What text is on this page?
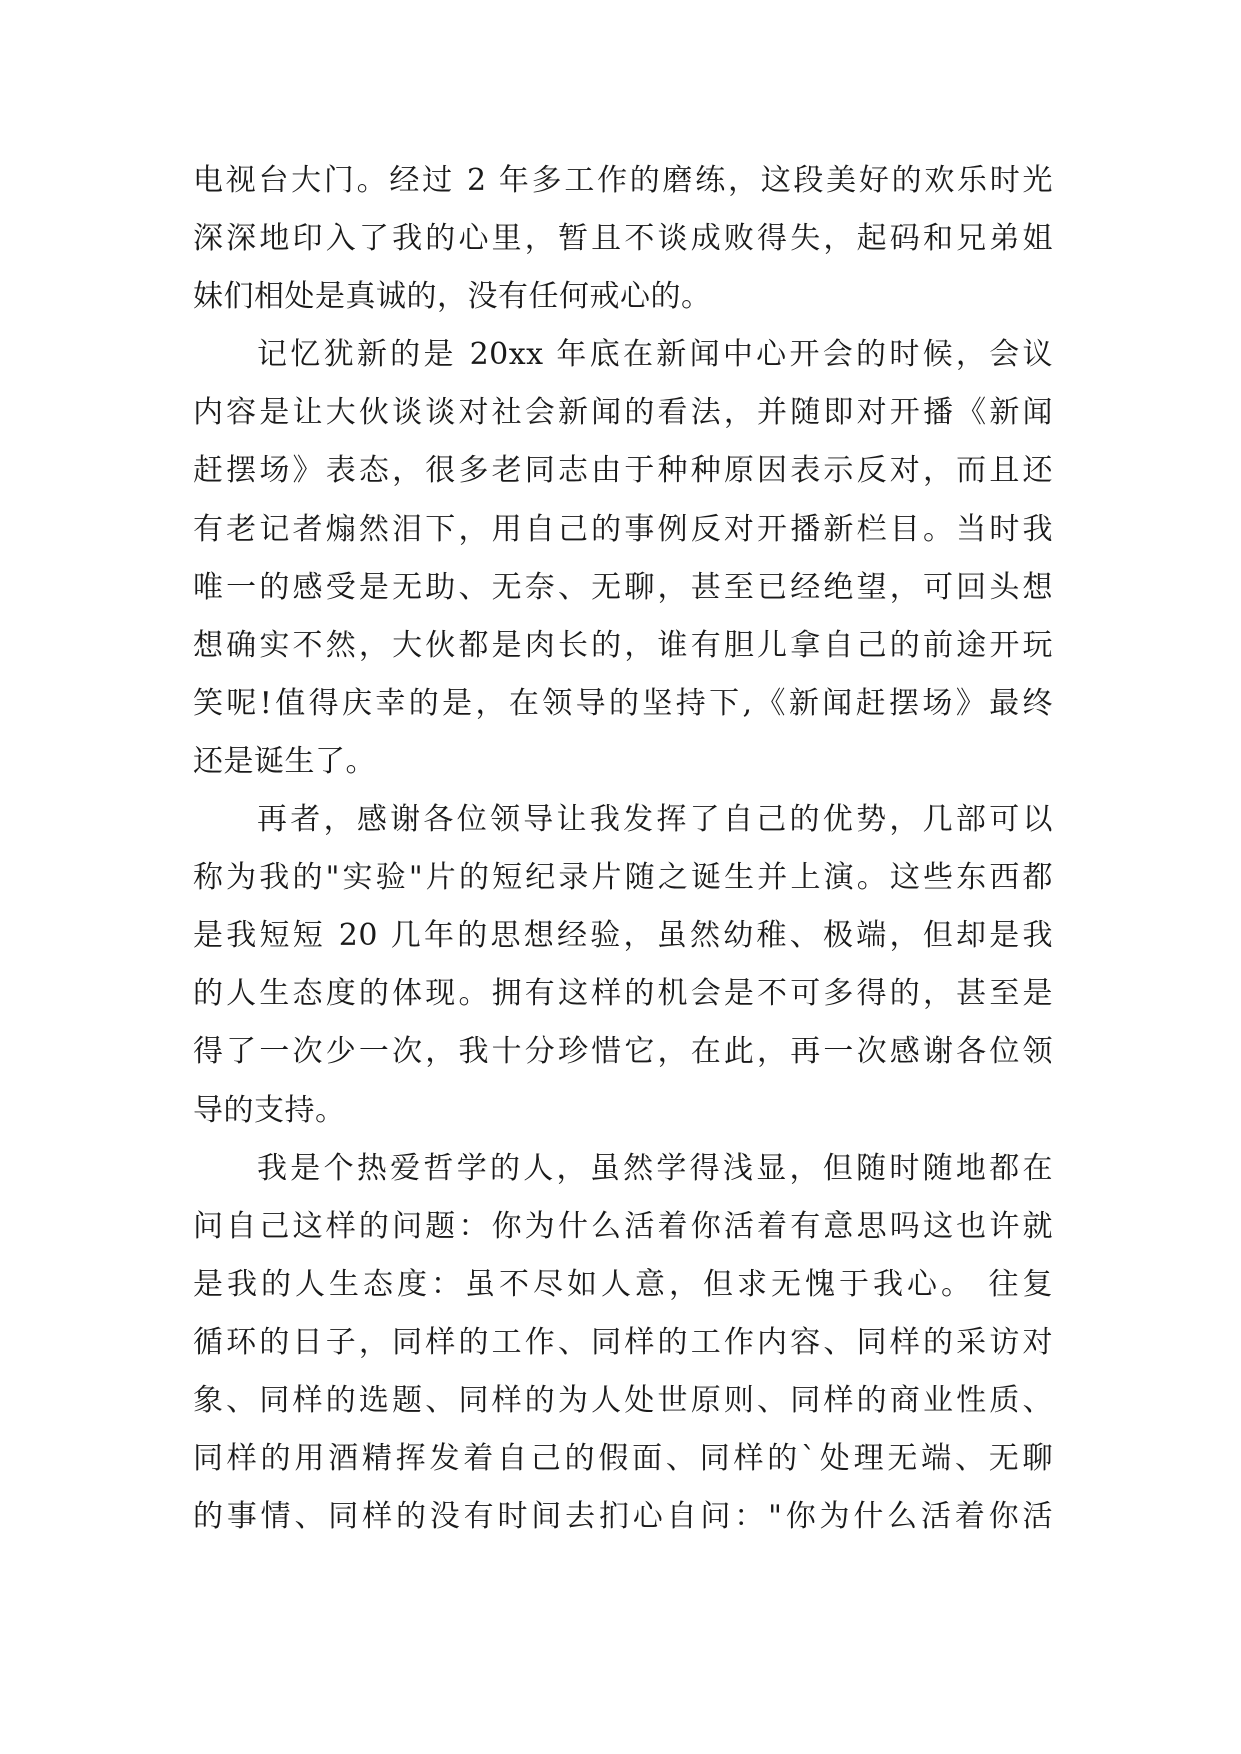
电视台大门。经过 2 年多工作的磨练，这段美好的欢乐时光
深深地印入了我的心里，暂且不谈成败得失，起码和兄弟姐
妹们相处是真诚的，没有任何戒心的。
记忆犹新的是 20xx 年底在新闻中心开会的时候，会议
内容是让大伙谈谈对社会新闻的看法，并随即对开播《新闻
赶摆场》表态，很多老同志由于种种原因表示反对，而且还
有老记者煽然泪下，用自己的事例反对开播新栏目。当时我
唯一的感受是无助、无奈、无聊，甚至已经绝望，可回头想
想确实不然，大伙都是肉长的，谁有胆儿拿自己的前途开玩
笑呢!值得庆幸的是，在领导的坚持下,《新闻赶摆场》最终
还是诞生了。
再者，感谢各位领导让我发挥了自己的优势，几部可以
称为我的"实验"片的短纪录片随之诞生并上演。这些东西都
是我短短 20 几年的思想经验，虽然幼稚、极端，但却是我
的人生态度的体现。拥有这样的机会是不可多得的，甚至是
得了一次少一次，我十分珍惜它，在此，再一次感谢各位领
导的支持。
我是个热爱哲学的人，虽然学得浅显，但随时随地都在
问自己这样的问题：你为什么活着你活着有意思吗这也许就
是我的人生态度：虽不尽如人意，但求无愧于我心。 往复
循环的日子，同样的工作、同样的工作内容、同样的采访对
象、同样的选题、同样的为人处世原则、同样的商业性质、
同样的用酒精挥发着自己的假面、同样的`处理无端、无聊
的事情、同样的没有时间去扪心自问："你为什么活着你活
